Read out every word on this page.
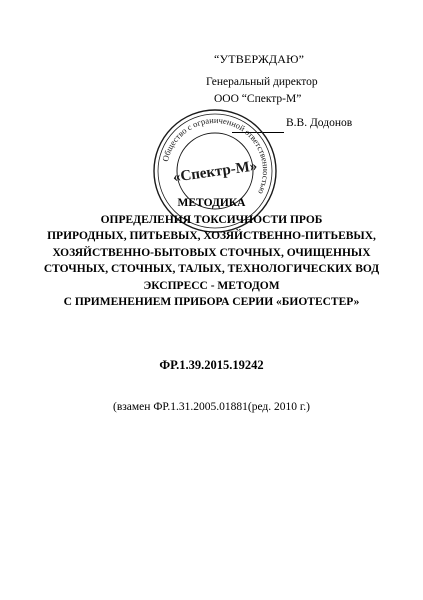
“УТВЕРЖДАЮ”
Генеральный директор
ООО “Спектр-М”
В.В. Додонов
Общество с ограниченной ответственностью
«Спектр-М»
МЕТОДИКА
ОПРЕДЕЛЕНИЯ ТОКСИЧНОСТИ ПРОБ
ПРИРОДНЫХ, ПИТЬЕВЫХ, ХОЗЯЙСТВЕННО-ПИТЬЕВЫХ,
ХОЗЯЙСТВЕННО-БЫТОВЫХ СТОЧНЫХ, ОЧИЩЕННЫХ
СТОЧНЫХ, СТОЧНЫХ, ТАЛЫХ, ТЕХНОЛОГИЧЕСКИХ ВОД
ЭКСПРЕСС - МЕТОДОМ
С ПРИМЕНЕНИЕМ ПРИБОРА СЕРИИ «БИОТЕСТЕР»
ФР.1.39.2015.19242
(взамен ФР.1.31.2005.01881(ред. 2010 г.)
